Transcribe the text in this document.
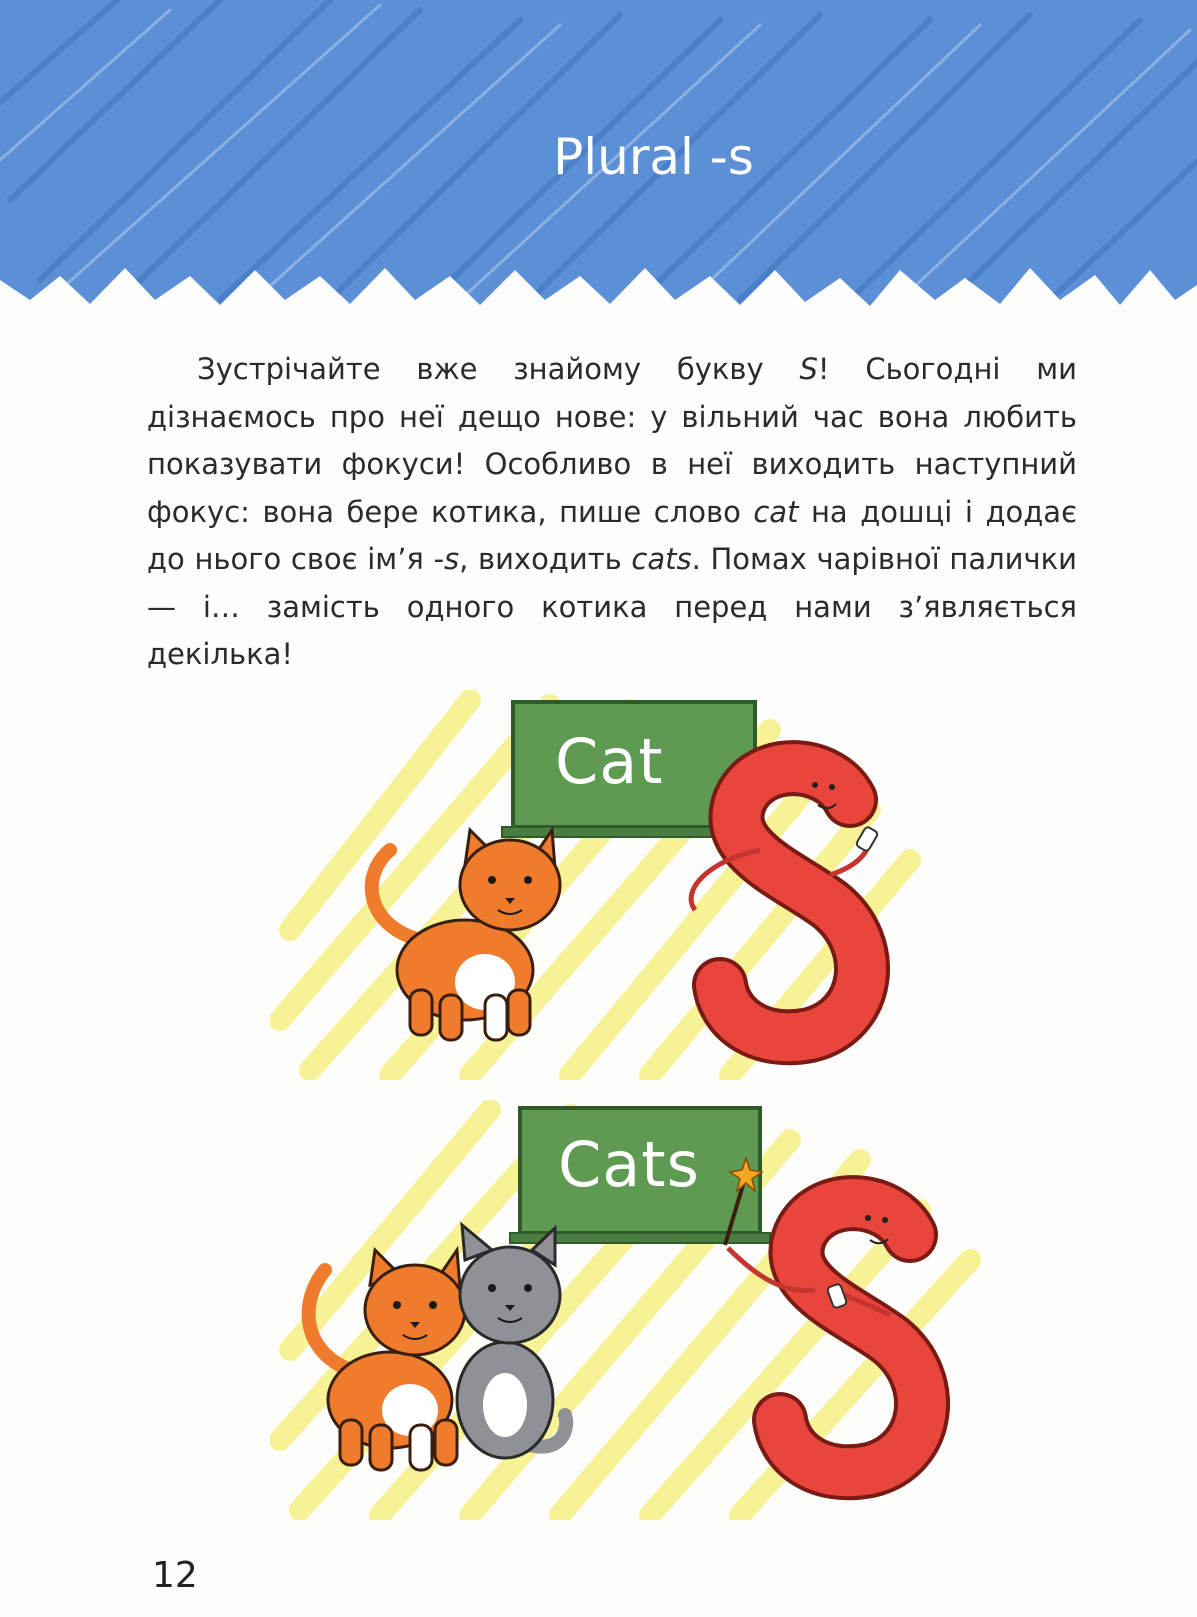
Plural -s
Зустрічайте вже знайому букву S! Сьогодні ми дізнаємось про неї дещо нове: у вільний час вона любить показувати фокуси! Особливо в неї виходить наступний фокус: вона бере котика, пише слово cat на дошці і додає до нього своє ім’я -s, виходить cats. Помах чарівної палички — і… замість одного котика перед нами з’являється декілька!
Cat
Cats
12
